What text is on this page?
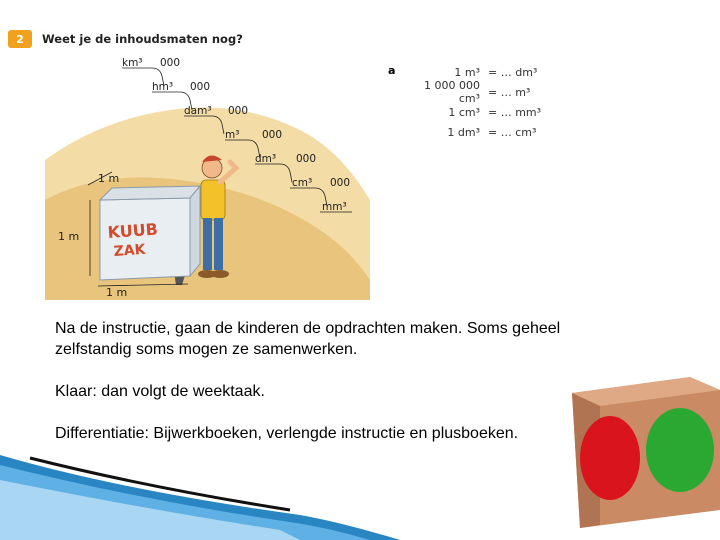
2	Weet je de inhoudsmaten nog?
km³ 000
hm³ 000
dam³ 000
m³ 000
dm³ 000
cm³ 000
mm³
KUUB
ZAK
1 m
1 m
1 m
a	1 m³ = … dm³
1 000 000 cm³ = … m³
1 cm³ = … mm³
1 dm³ = … cm³

Na de instructie, gaan de kinderen de opdrachten maken. Soms geheel zelfstandig soms mogen ze samenwerken.

Klaar: dan volgt de weektaak.

Differentiatie: Bijwerkboeken, verlengde instructie en plusboeken.
